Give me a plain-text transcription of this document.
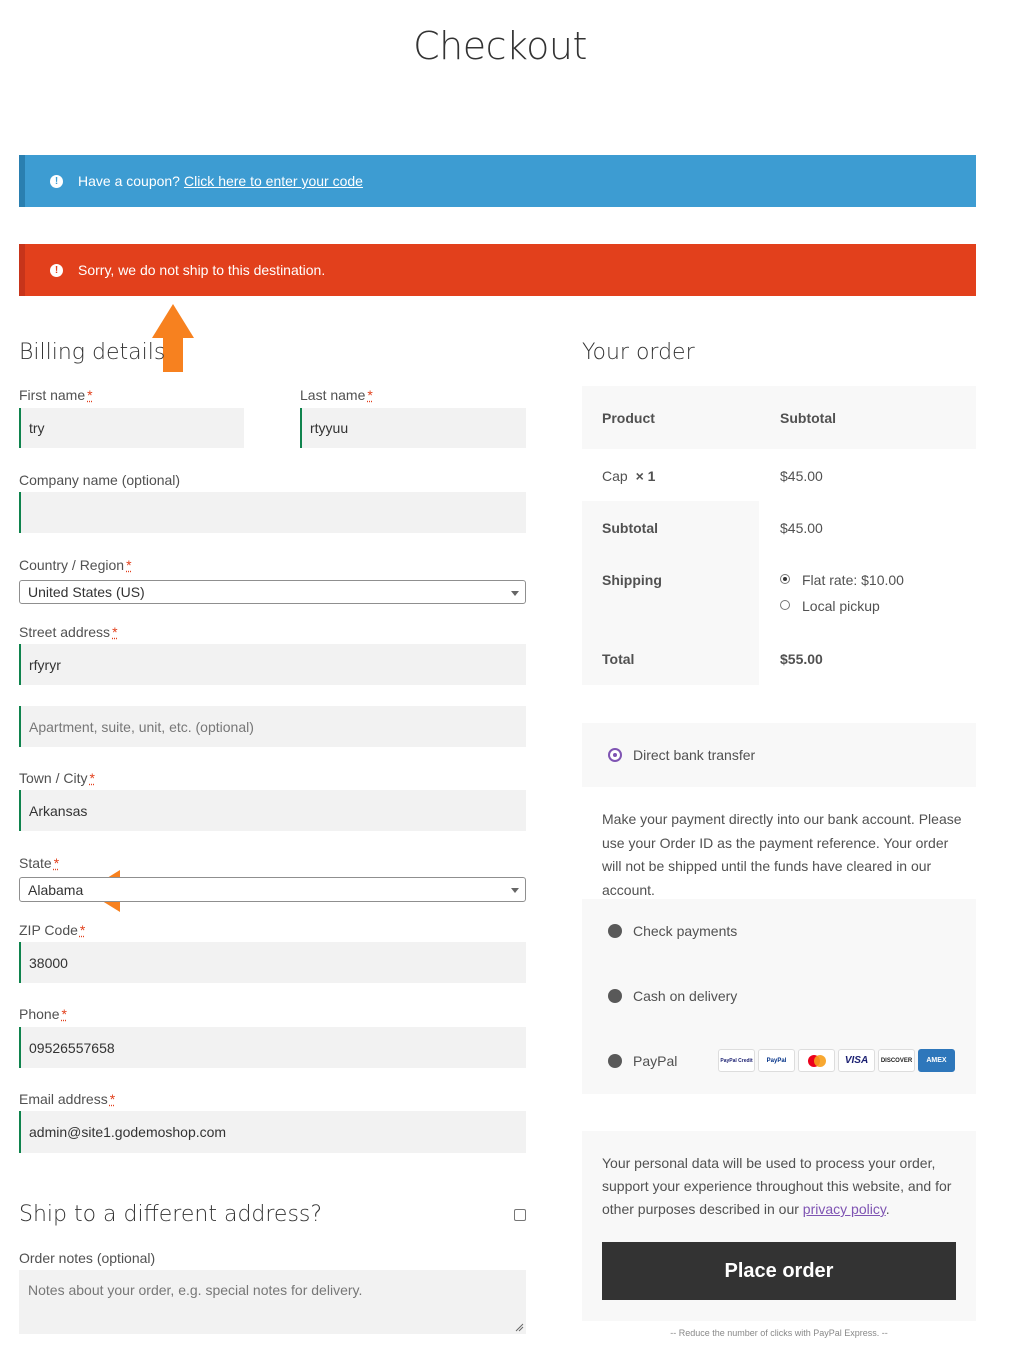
Checkout
!	Have a coupon? Click here to enter your code
!	Sorry, we do not ship to this destination.
Billing details
First name *
try
Last name *
rtyyuu
Company name (optional)
Country / Region *
United States (US)
Street address *
rfyryr
Apartment, suite, unit, etc. (optional)
Town / City *
Arkansas
State *
Alabama
ZIP Code *
38000
Phone *
09526557658
Email address *
admin@site1.godemoshop.com
Ship to a different address?
Order notes (optional)
Notes about your order, e.g. special notes for delivery.
Your order
Product	Subtotal
Cap × 1	$45.00
Subtotal	$45.00
Shipping	Flat rate: $10.00
Local pickup
Total	$55.00
Direct bank transfer

Make your payment directly into our bank account. Please use your Order ID as the payment reference. Your order will not be shipped until the funds have cleared in our account.

Check payments
Cash on delivery
PayPal	PayPal Credit	PayPal	VISA	DISCOVER	AMEX

Your personal data will be used to process your order, support your experience throughout this website, and for other purposes described in our privacy policy.

Place order
-- Reduce the number of clicks with PayPal Express. --
